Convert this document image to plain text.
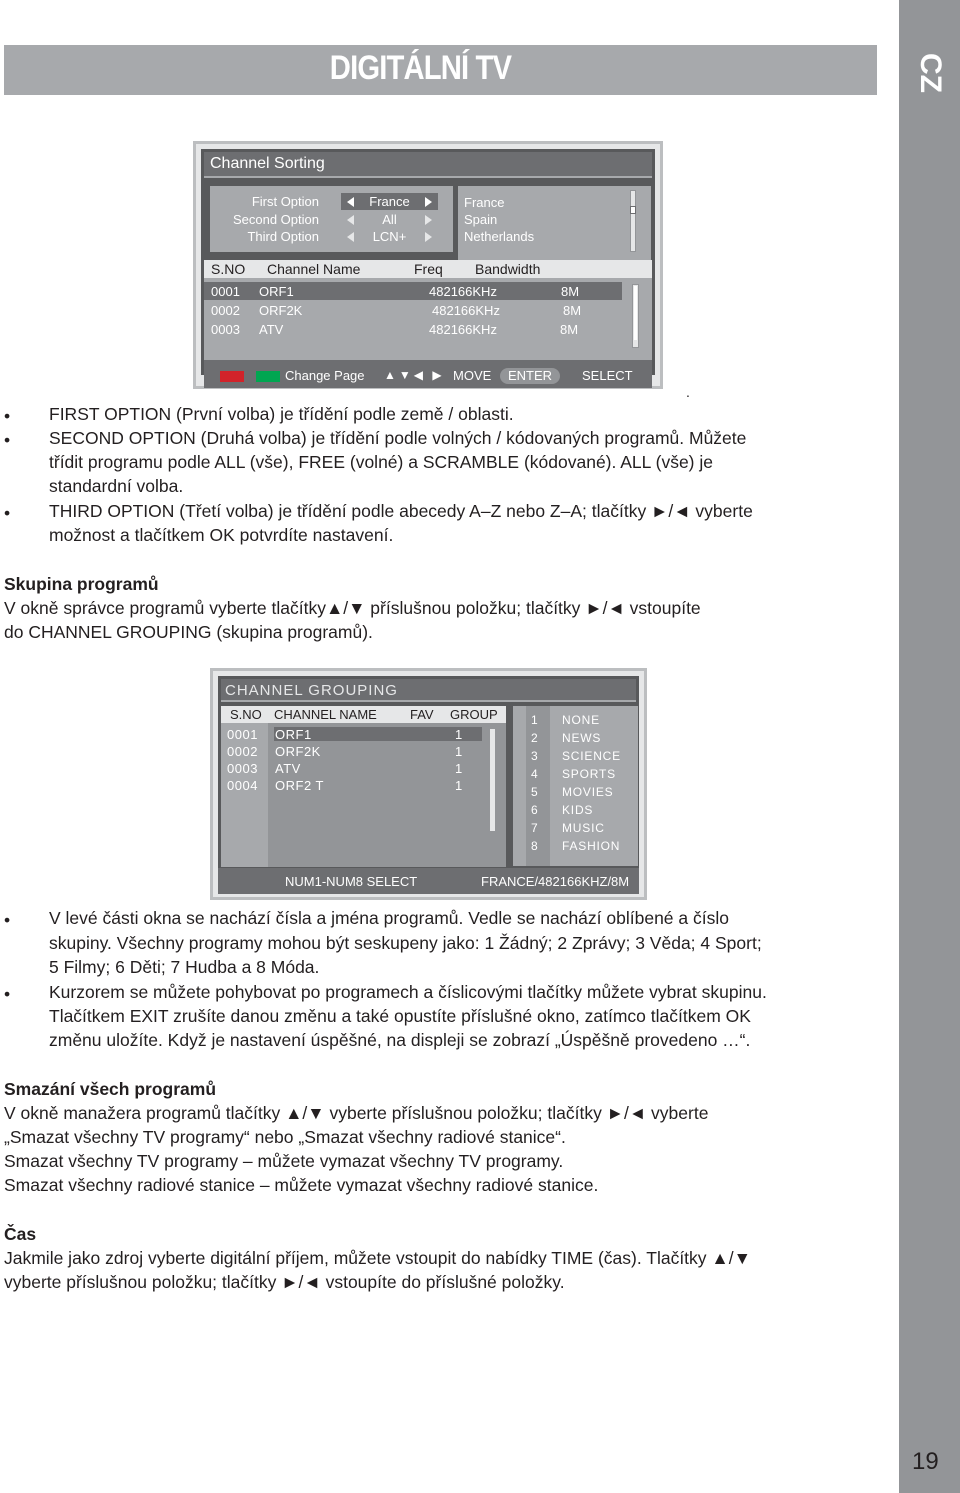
CZ
DIGITÁLNÍ TV
Channel Sorting
First Option	France
Second Option	All
Third Option	LCN+
France
Spain
Netherlands
S.NO Channel Name	Freq Bandwidth
0001 ORF1	482166KHz	8M
0002 ORF2K	482166KHz	8M
0003 ATV	482166KHz	8M
Change Page ▲▼◀ ▶ MOVE	ENTER	SELECT
.
• FIRST OPTION (První volba) je třídění podle země / oblasti.
• SECOND OPTION (Druhá volba) je třídění podle volných / kódovaných programů. Můžete
třídit programu podle ALL (vše), FREE (volné) a SCRAMBLE (kódované). ALL (vše) je
standardní volba.
• THIRD OPTION (Třetí volba) je třídění podle abecedy A–Z nebo Z–A; tlačítky ►/◄ vyberte
možnost a tlačítkem OK potvrdíte nastavení.
Skupina programů
V okně správce programů vyberte tlačítky▲/▼ příslušnou položku; tlačítky ►/◄ vstoupíte
do CHANNEL GROUPING (skupina programů).
CHANNEL GROUPING
S.NO CHANNEL NAME	FAV GROUP
0001 ORF1	1
0002 ORF2K	1
0003 ATV	1
0004 ORF2 T	1
1 NONE
2 NEWS
3 SCIENCE
4 SPORTS
5 MOVIES
6 KIDS
7 MUSIC
8 FASHION
NUM1-NUM8 SELECT	FRANCE/482166KHZ/8M
• V levé části okna se nachází čísla a jména programů. Vedle se nachází oblíbené a číslo
skupiny. Všechny programy mohou být seskupeny jako: 1 Žádný; 2 Zprávy; 3 Věda; 4 Sport;
5 Filmy; 6 Děti; 7 Hudba a 8 Móda.
• Kurzorem se můžete pohybovat po programech a číslicovými tlačítky můžete vybrat skupinu.
Tlačítkem EXIT zrušíte danou změnu a také opustíte příslušné okno, zatímco tlačítkem OK
změnu uložíte. Když je nastavení úspěšné, na displeji se zobrazí „Úspěšně provedeno …“.
Smazání všech programů
V okně manažera programů tlačítky ▲/▼ vyberte příslušnou položku; tlačítky ►/◄ vyberte
„Smazat všechny TV programy“ nebo „Smazat všechny radiové stanice“.
Smazat všechny TV programy – můžete vymazat všechny TV programy.
Smazat všechny radiové stanice – můžete vymazat všechny radiové stanice.
Čas
Jakmile jako zdroj vyberte digitální příjem, můžete vstoupit do nabídky TIME (čas). Tlačítky ▲/▼
vyberte příslušnou položku; tlačítky ►/◄ vstoupíte do příslušné položky.
19
